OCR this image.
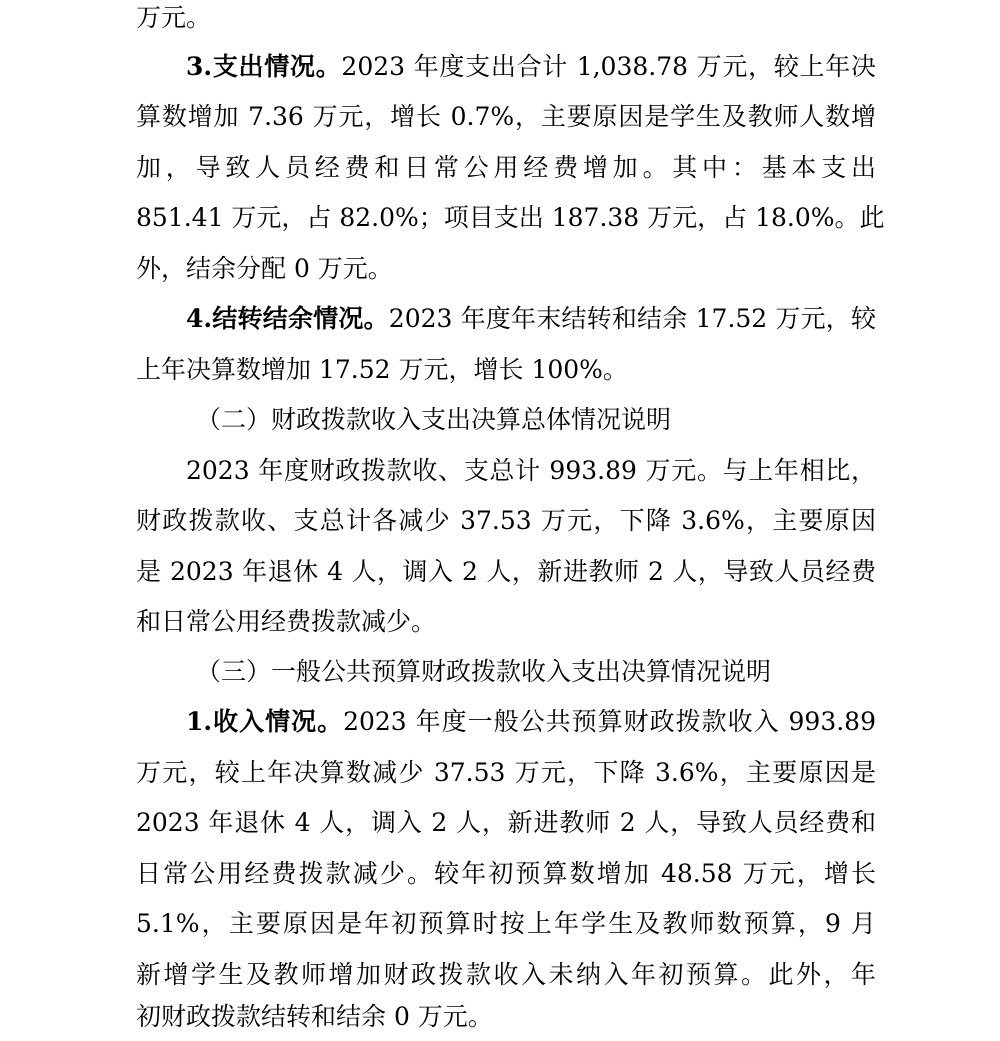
万元。
3.支出情况。2023 年度支出合计 1,038.78 万元，较上年决
算数增加 7.36 万元，增长 0.7%，主要原因是学生及教师人数增
加，导致人员经费和日常公用经费增加。其中：基本支出
851.41 万元，占 82.0%；项目支出 187.38 万元，占 18.0%。此
外，结余分配 0 万元。
4.结转结余情况。2023 年度年末结转和结余 17.52 万元，较
上年决算数增加 17.52 万元，增长 100%。
（二）财政拨款收入支出决算总体情况说明
2023 年度财政拨款收、支总计 993.89 万元。与上年相比，
财政拨款收、支总计各减少 37.53 万元，下降 3.6%，主要原因
是 2023 年退休 4 人，调入 2 人，新进教师 2 人，导致人员经费
和日常公用经费拨款减少。
（三）一般公共预算财政拨款收入支出决算情况说明
1.收入情况。2023 年度一般公共预算财政拨款收入 993.89
万元，较上年决算数减少 37.53 万元，下降 3.6%，主要原因是
2023 年退休 4 人，调入 2 人，新进教师 2 人，导致人员经费和
日常公用经费拨款减少。较年初预算数增加 48.58 万元，增长
5.1%，主要原因是年初预算时按上年学生及教师数预算，9 月
新增学生及教师增加财政拨款收入未纳入年初预算。此外，年
初财政拨款结转和结余 0 万元。
